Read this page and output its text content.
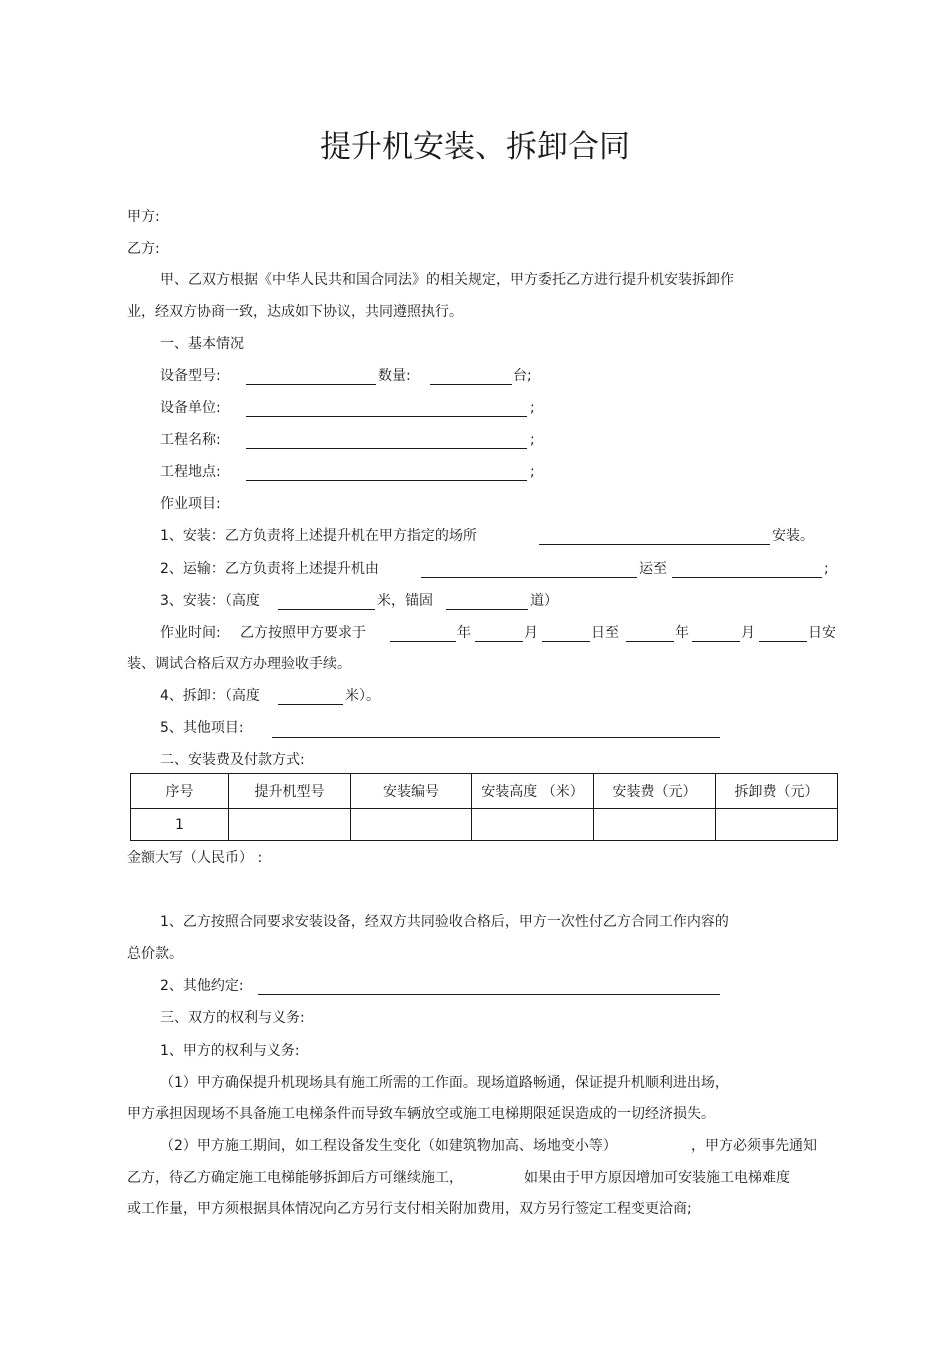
提升机安装、拆卸合同
甲方:
乙方:
甲、乙双方根据《中华人民共和国合同法》的相关规定，甲方委托乙方进行提升机安装拆卸作
业，经双方协商一致，达成如下协议，共同遵照执行。
一、基本情况
设备型号:	数量:	台;
设备单位:	;
工程名称:	;
工程地点:	;
作业项目:
1、安装：乙方负责将上述提升机在甲方指定的场所	安装。
2、运输：乙方负责将上述提升机由	运至	;
3、安装：（高度	米，锚固	道）
作业时间: 乙方按照甲方要求于	年	月	日至	年	月	日安
装、调试合格后双方办理验收手续。
4、拆卸：（高度	米）。
5、其他项目:
二、安装费及付款方式:
序号	提升机型号	安装编号	安装高度 （米）	安装费（元）	拆卸费（元）
1					
金额大写（人民币） :
1、乙方按照合同要求安装设备，经双方共同验收合格后，甲方一次性付乙方合同工作内容的
总价款。
2、其他约定:
三、双方的权利与义务:
1、甲方的权利与义务:
（1）甲方确保提升机现场具有施工所需的工作面。现场道路畅通，保证提升机顺利进出场，
甲方承担因现场不具备施工电梯条件而导致车辆放空或施工电梯期限延误造成的一切经济损失。
（2）甲方施工期间，如工程设备发生变化（如建筑物加高、场地变小等）	，甲方必须事先通知
乙方，待乙方确定施工电梯能够拆卸后方可继续施工，	如果由于甲方原因增加可安装施工电梯难度
或工作量，甲方须根据具体情况向乙方另行支付相关附加费用，双方另行签定工程变更洽商;
